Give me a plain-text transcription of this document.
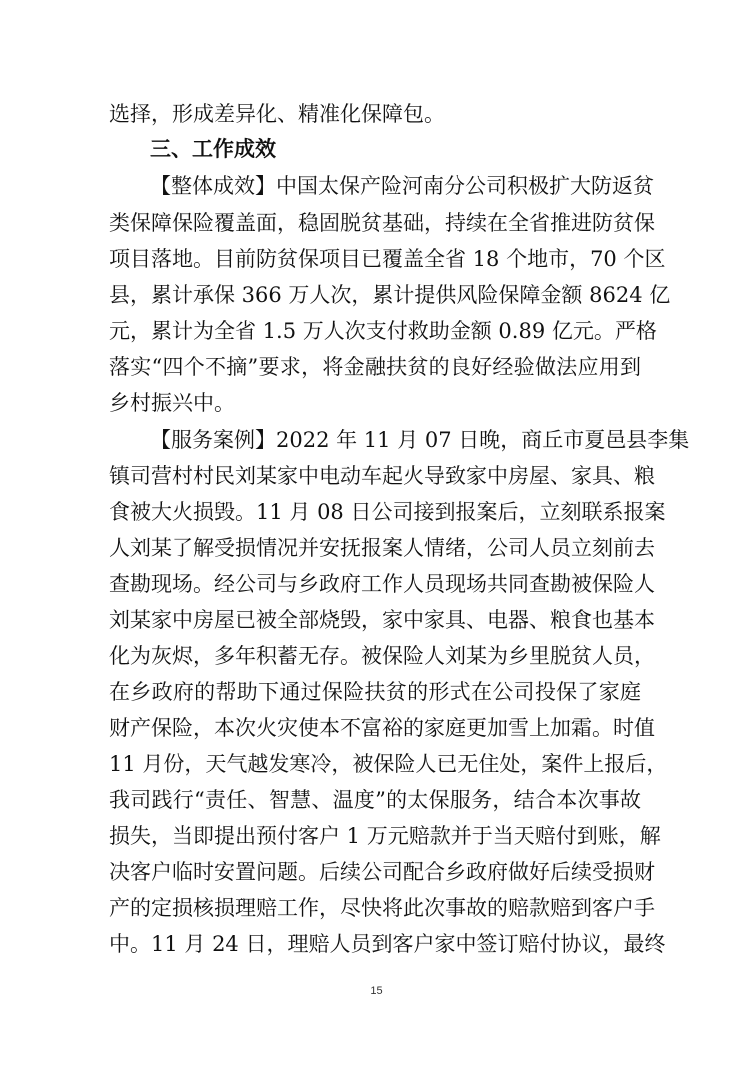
选择，形成差异化、精准化保障包。
三、工作成效
【整体成效】中国太保产险河南分公司积极扩大防返贫
类保障保险覆盖面，稳固脱贫基础，持续在全省推进防贫保
项目落地。目前防贫保项目已覆盖全省 18 个地市，70 个区
县，累计承保 366 万人次，累计提供风险保障金额 8624 亿
元，累计为全省 1.5 万人次支付救助金额 0.89 亿元。严格
落实“四个不摘”要求，将金融扶贫的良好经验做法应用到
乡村振兴中。
【服务案例】2022 年 11 月 07 日晚，商丘市夏邑县李集
镇司营村村民刘某家中电动车起火导致家中房屋、家具、粮
食被大火损毁。11 月 08 日公司接到报案后，立刻联系报案
人刘某了解受损情况并安抚报案人情绪，公司人员立刻前去
查勘现场。经公司与乡政府工作人员现场共同查勘被保险人
刘某家中房屋已被全部烧毁，家中家具、电器、粮食也基本
化为灰烬，多年积蓄无存。被保险人刘某为乡里脱贫人员，
在乡政府的帮助下通过保险扶贫的形式在公司投保了家庭
财产保险，本次火灾使本不富裕的家庭更加雪上加霜。时值
11 月份，天气越发寒冷，被保险人已无住处，案件上报后，
我司践行“责任、智慧、温度”的太保服务，结合本次事故
损失，当即提出预付客户 1 万元赔款并于当天赔付到账，解
决客户临时安置问题。后续公司配合乡政府做好后续受损财
产的定损核损理赔工作，尽快将此次事故的赔款赔到客户手
中。11 月 24 日，理赔人员到客户家中签订赔付协议，最终
15
